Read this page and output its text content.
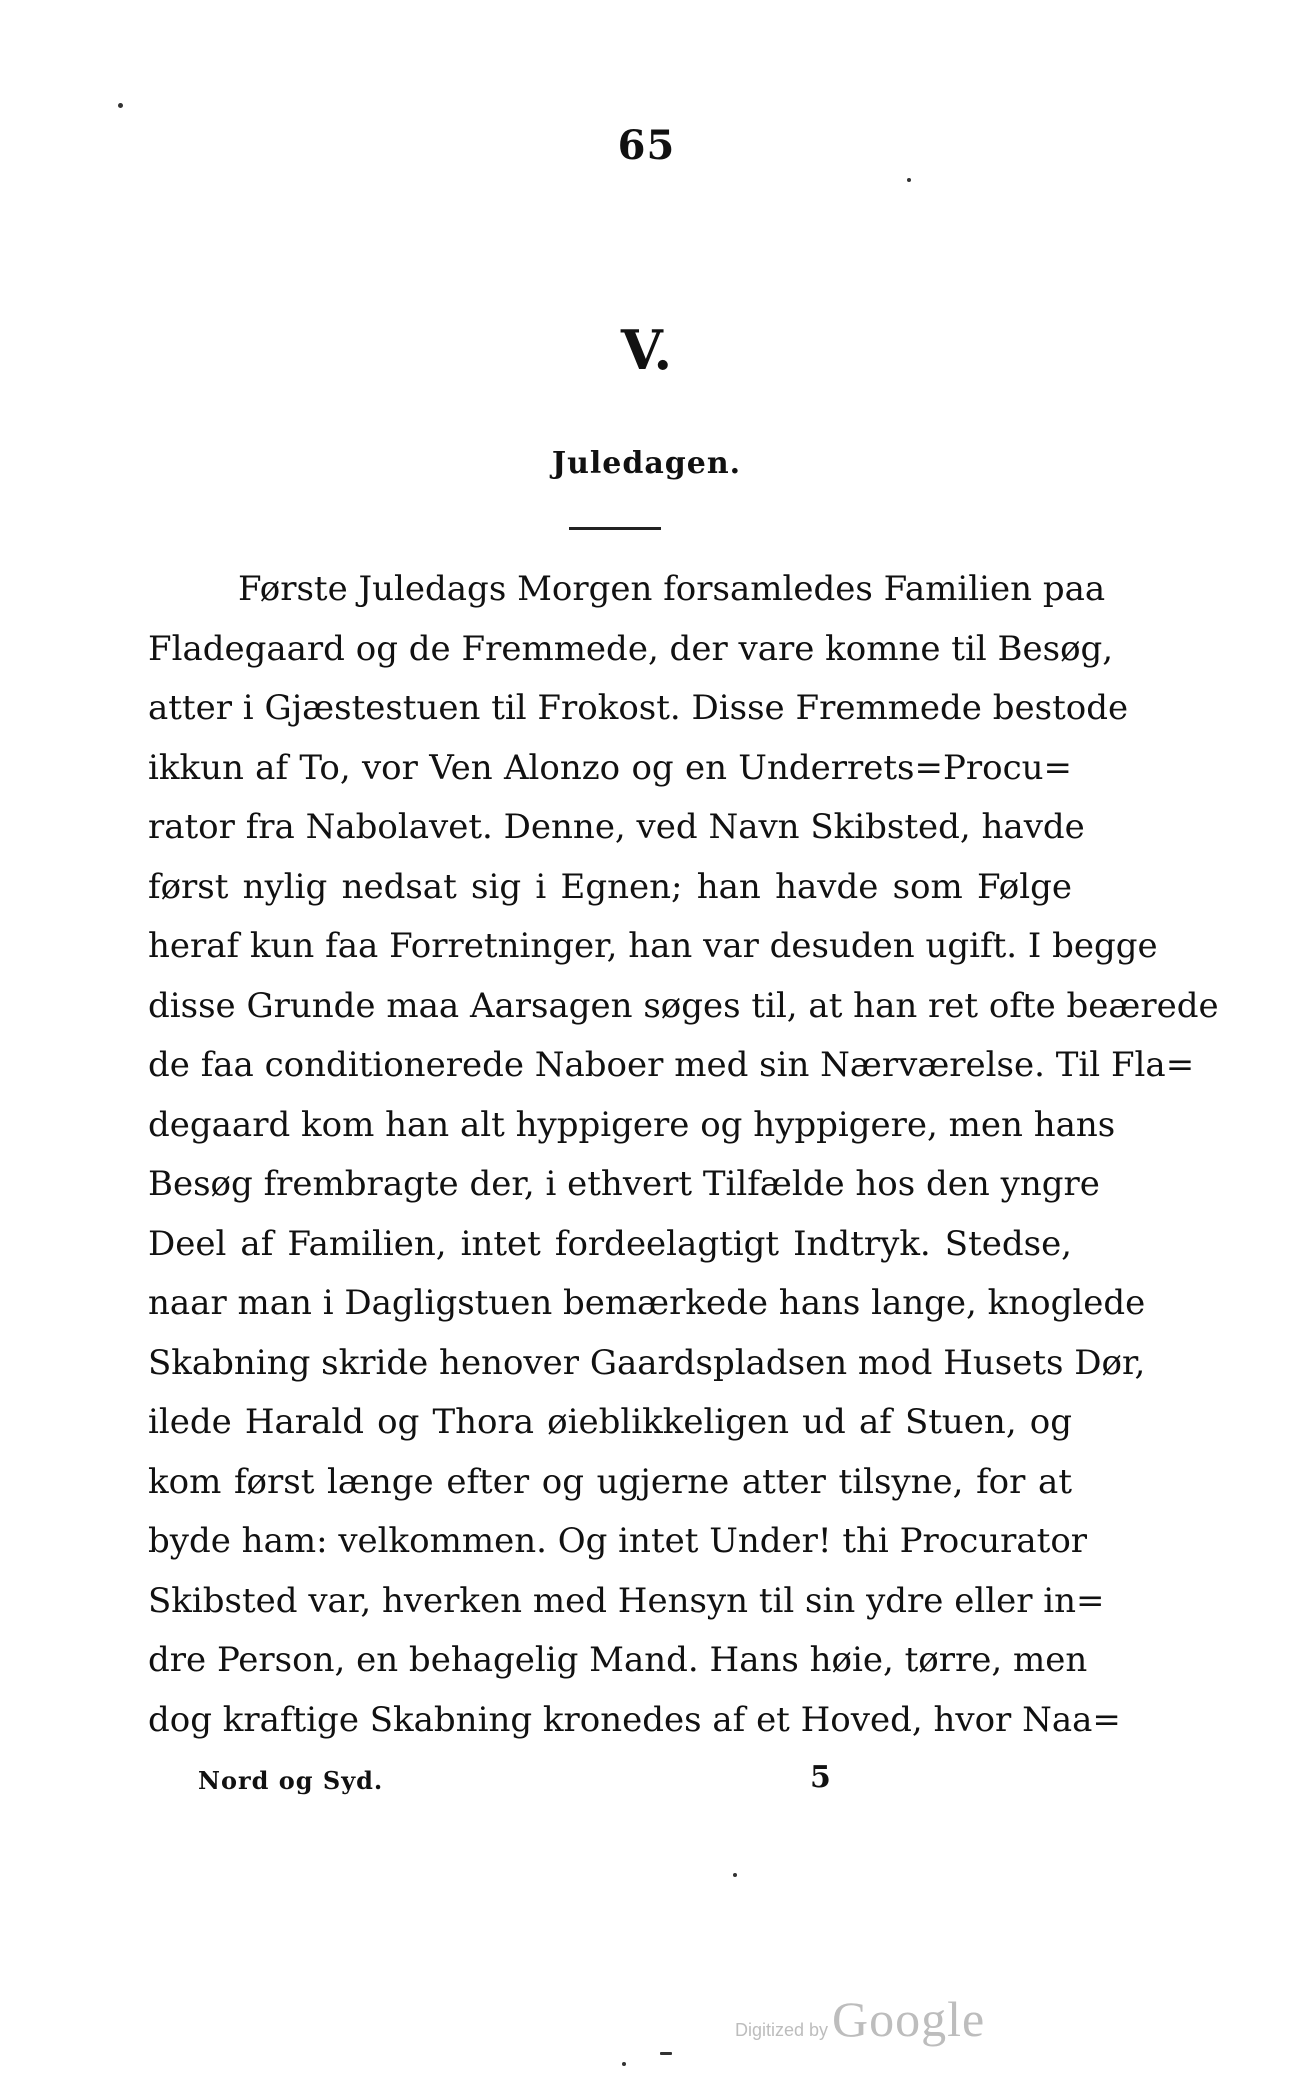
65
V.
Juledagen.
Første Juledags Morgen forsamledes Familien paa
Fladegaard og de Fremmede, der vare komne til Besøg,
atter i Gjæstestuen til Frokost. Disse Fremmede bestode
ikkun af To, vor Ven Alonzo og en Underrets=Procu=
rator fra Nabolavet. Denne, ved Navn Skibsted, havde
først nylig nedsat sig i Egnen; han havde som Følge
heraf kun faa Forretninger, han var desuden ugift. I begge
disse Grunde maa Aarsagen søges til, at han ret ofte beærede
de faa conditionerede Naboer med sin Nærværelse. Til Fla=
degaard kom han alt hyppigere og hyppigere, men hans
Besøg frembragte der, i ethvert Tilfælde hos den yngre
Deel af Familien, intet fordeelagtigt Indtryk. Stedse,
naar man i Dagligstuen bemærkede hans lange, knoglede
Skabning skride henover Gaardspladsen mod Husets Dør,
ilede Harald og Thora øieblikkeligen ud af Stuen, og
kom først længe efter og ugjerne atter tilsyne, for at
byde ham: velkommen. Og intet Under! thi Procurator
Skibsted var, hverken med Hensyn til sin ydre eller in=
dre Person, en behagelig Mand. Hans høie, tørre, men
dog kraftige Skabning kronedes af et Hoved, hvor Naa=
Nord og Syd.	5
Digitized by Google
